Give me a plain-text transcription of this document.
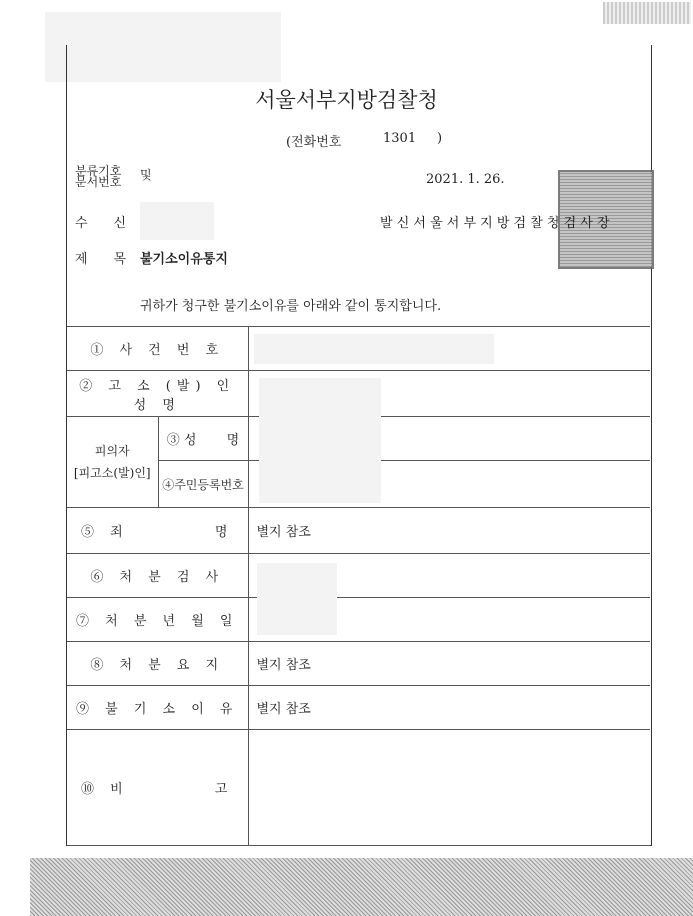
서울서부지방검찰청
(전화번호	1301 )
분류기호
문서번호 및	2021. 1. 26.
수　　신	발 신 서 울 서 부 지 방 검 찰 청 검 사 장
제　　목 불기소이유통지
귀하가 청구한 불기소이유를 아래와 같이 통지합니다.
① 사 건 번 호		
② 고 소 (발) 인 성 명		
피의자
[피고소(발)인]	③ 성　　 명	
	④주민등록번호	
⑤ 죄　　　　 명		별지 참조
⑥ 처 분 검 사		
⑦ 처 분 년 월 일		
⑧ 처 분 요 지		별지 참조
⑨ 불 기 소 이 유		별지 참조
⑩ 비　　　　 고		
